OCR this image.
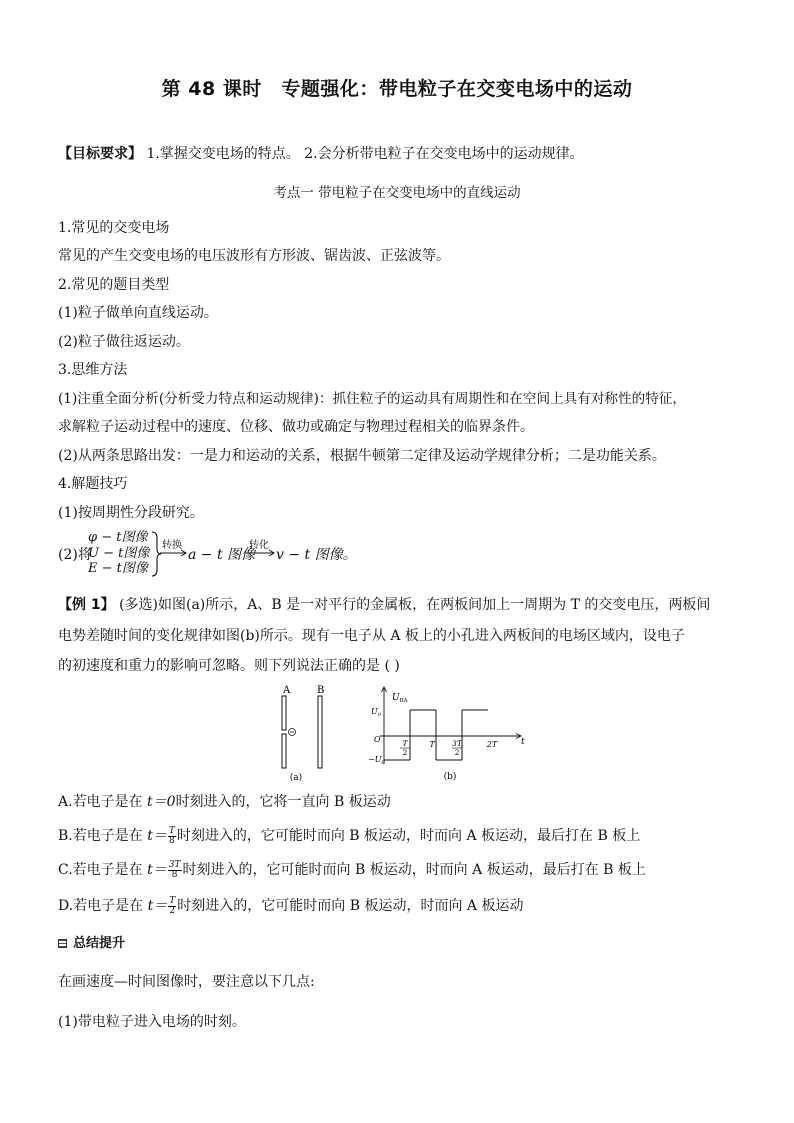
第 48 课时　专题强化：带电粒子在交变电场中的运动
【目标要求】 1.掌握交变电场的特点。 2.会分析带电粒子在交变电场中的运动规律。
考点一 带电粒子在交变电场中的直线运动
1.常见的交变电场
常见的产生交变电场的电压波形有方形波、锯齿波、正弦波等。
2.常见的题目类型
(1)粒子做单向直线运动。
(2)粒子做往返运动。
3.思维方法
(1)注重全面分析(分析受力特点和运动规律)：抓住粒子的运动具有周期性和在空间上具有对称性的特征，
求解粒子运动过程中的速度、位移、做功或确定与物理过程相关的临界条件。
(2)从两条思路出发：一是力和运动的关系，根据牛顿第二定律及运动学规律分析；二是功能关系。
4.解题技巧
(1)按周期性分段研究。
(2)将
φ − t图像
U − t图像
E − t图像
转换
a − t 图像
转化
v − t 图像。
【例 1】 (多选)如图(a)所示，A、B 是一对平行的金属板，在两板间加上一周期为 T 的交变电压，两板间
电势差随时间的变化规律如图(b)所示。现有一电子从 A 板上的小孔进入两板间的电场区域内，设电子
的初速度和重力的影响可忽略。则下列说法正确的是 ( )
A	B
(a)
$U_{BA}$
$U_0$
O
$-U_0$
t
T
2
T 3T
2
2T
(b)
A.若电子是在 t＝0时刻进入的，它将一直向 B 板运动
B.若电子是在 $t= \frac{T}{8}$ 时刻进入的，它可能时而向 B 板运动，时而向 A 板运动，最后打在 B 板上
C.若电子是在 $t= \frac{3T}{8}$ 时刻进入的，它可能时而向 B 板运动，时而向 A 板运动，最后打在 B 板上
D.若电子是在 $t= \frac{T}{2}$ 时刻进入的，它可能时而向 B 板运动，时而向 A 板运动
总结提升
在画速度—时间图像时，要注意以下几点:
(1)带电粒子进入电场的时刻。
